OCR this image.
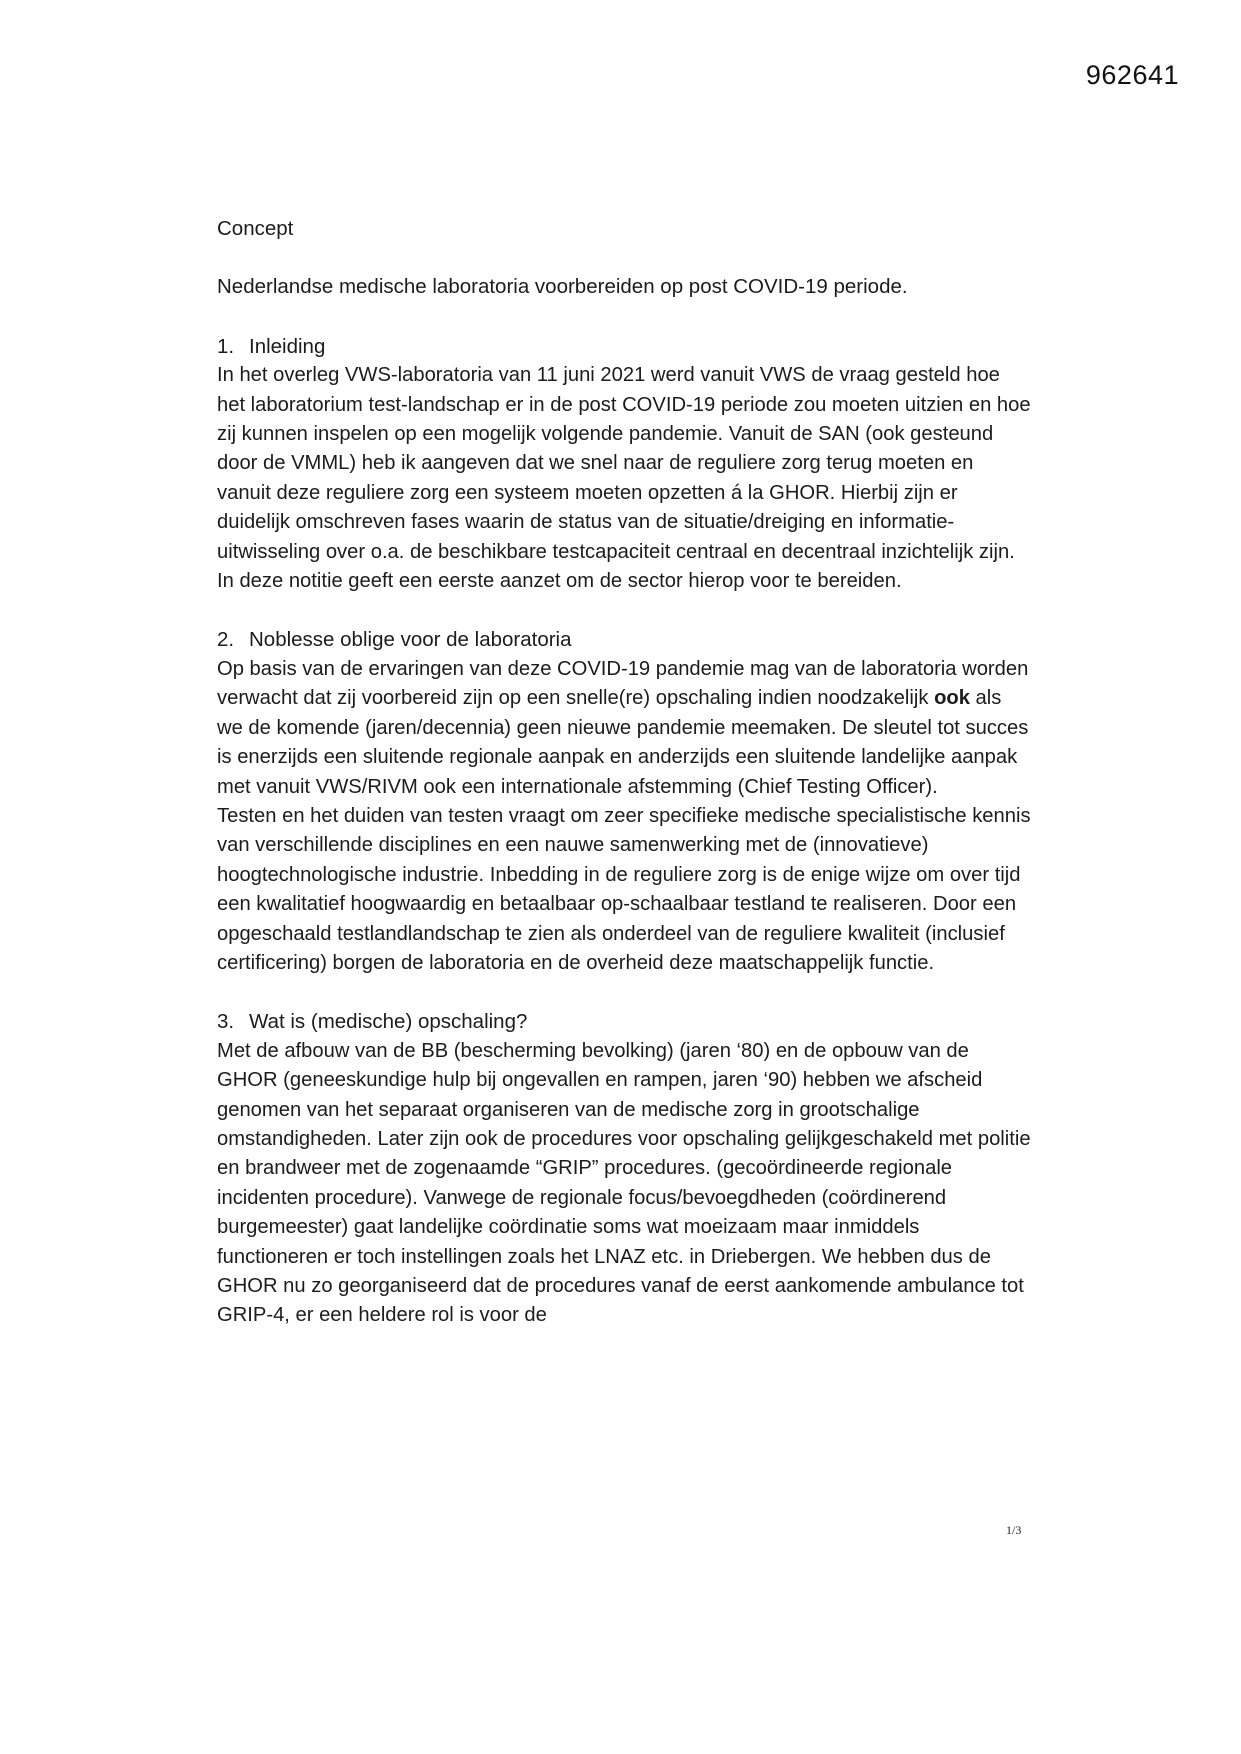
962641

Concept

Nederlandse medische laboratoria voorbereiden op post COVID-19 periode.

1. Inleiding

In het overleg VWS-laboratoria van 11 juni 2021 werd vanuit VWS de vraag gesteld hoe het laboratorium test-landschap er in de post COVID-19 periode zou moeten uitzien en hoe zij kunnen inspelen op een mogelijk volgende pandemie. Vanuit de SAN (ook gesteund door de VMML) heb ik aangeven dat we snel naar de reguliere zorg terug moeten en vanuit deze reguliere zorg een systeem moeten opzetten á la GHOR. Hierbij zijn er duidelijk omschreven fases waarin de status van de situatie/dreiging en informatie-uitwisseling over o.a. de beschikbare testcapaciteit centraal en decentraal inzichtelijk zijn. In deze notitie geeft een eerste aanzet om de sector hierop voor te bereiden.

2. Noblesse oblige voor de laboratoria

Op basis van de ervaringen van deze COVID-19 pandemie mag van de laboratoria worden verwacht dat zij voorbereid zijn op een snelle(re) opschaling indien noodzakelijk ook als we de komende (jaren/decennia) geen nieuwe pandemie meemaken. De sleutel tot succes is enerzijds een sluitende regionale aanpak en anderzijds een sluitende landelijke aanpak met vanuit VWS/RIVM ook een internationale afstemming (Chief Testing Officer).

Testen en het duiden van testen vraagt om zeer specifieke medische specialistische kennis van verschillende disciplines en een nauwe samenwerking met de (innovatieve) hoogtechnologische industrie. Inbedding in de reguliere zorg is de enige wijze om over tijd een kwalitatief hoogwaardig en betaalbaar op-schaalbaar testland te realiseren. Door een opgeschaald testlandlandschap te zien als onderdeel van de reguliere kwaliteit (inclusief certificering) borgen de laboratoria en de overheid deze maatschappelijk functie.

3. Wat is (medische) opschaling?

Met de afbouw van de BB (bescherming bevolking) (jaren ‘80) en de opbouw van de GHOR (geneeskundige hulp bij ongevallen en rampen, jaren ‘90) hebben we afscheid genomen van het separaat organiseren van de medische zorg in grootschalige omstandigheden. Later zijn ook de procedures voor opschaling gelijkgeschakeld met politie en brandweer met de zogenaamde “GRIP” procedures. (gecoördineerde regionale incidenten procedure). Vanwege de regionale focus/bevoegdheden (coördinerend burgemeester) gaat landelijke coördinatie soms wat moeizaam maar inmiddels functioneren er toch instellingen zoals het LNAZ etc. in Driebergen. We hebben dus de GHOR nu zo georganiseerd dat de procedures vanaf de eerst aankomende ambulance tot GRIP-4, er een heldere rol is voor de

1/3
